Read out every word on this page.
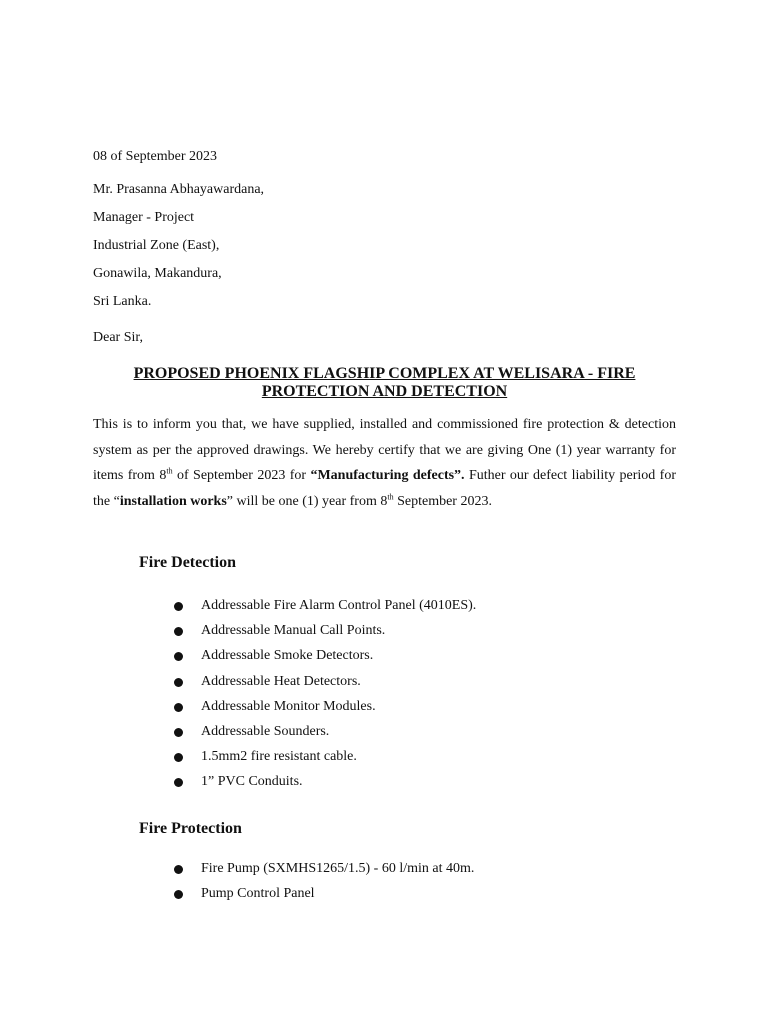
08 of September 2023
Mr. Prasanna Abhayawardana,
Manager - Project
Industrial Zone (East),
Gonawila, Makandura,
Sri Lanka.
Dear Sir,
PROPOSED PHOENIX FLAGSHIP COMPLEX AT WELISARA - FIRE
PROTECTION AND DETECTION
This is to inform you that, we have supplied, installed and commissioned fire protection & detection system as per the approved drawings. We hereby certify that we are giving One (1) year warranty for items from 8th of September 2023 for “Manufacturing defects”. Futher our defect liability period for the “installation works” will be one (1) year from 8th September 2023.
Fire Detection
Addressable Fire Alarm Control Panel (4010ES).
Addressable Manual Call Points.
Addressable Smoke Detectors.
Addressable Heat Detectors.
Addressable Monitor Modules.
Addressable Sounders.
1.5mm2 fire resistant cable.
1” PVC Conduits.
Fire Protection
Fire Pump (SXMHS1265/1.5) - 60 l/min at 40m.
Pump Control Panel
